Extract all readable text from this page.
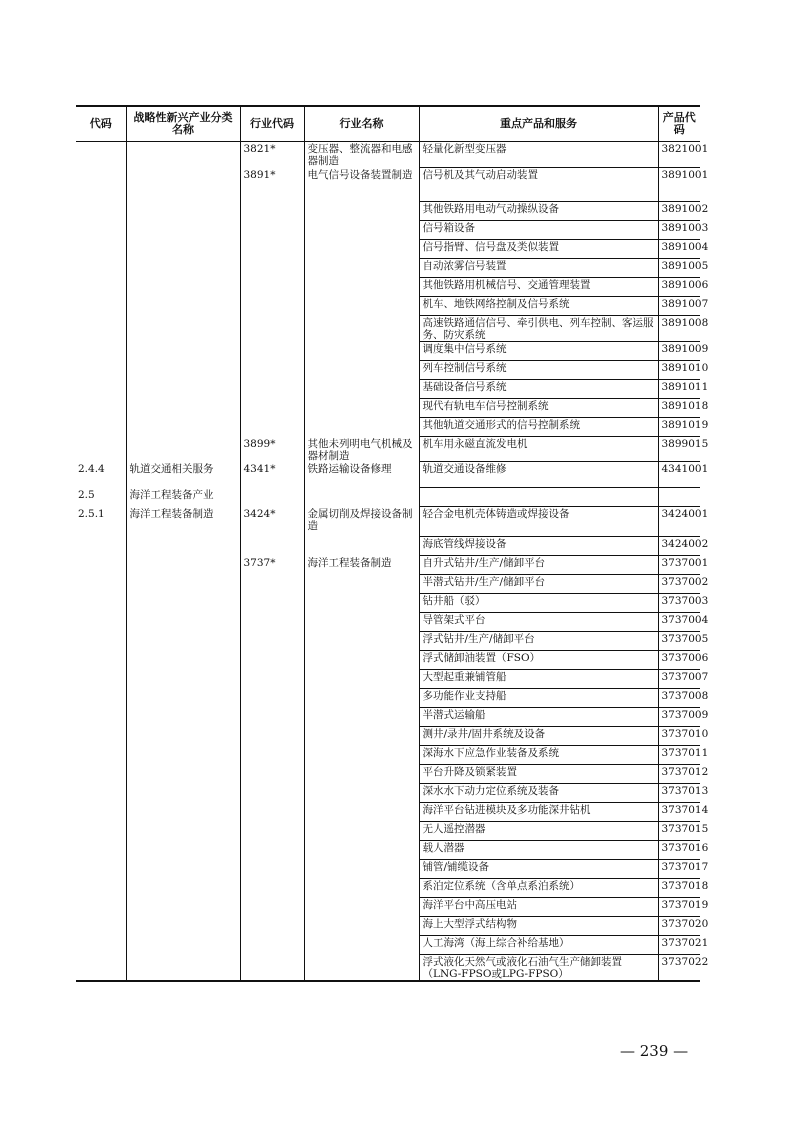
代码	战略性新兴产业分类名称	行业代码	行业名称	重点产品和服务	产品代码
		3821*	变压器、整流器和电感器制造	轻量化新型变压器	3821001
		3891*	电气信号设备装置制造	信号机及其气动启动装置	3891001
				其他铁路用电动气动操纵设备	3891002
				信号箱设备	3891003
				信号指臂、信号盘及类似装置	3891004
				自动浓雾信号装置	3891005
				其他铁路用机械信号、交通管理装置	3891006
				机车、地铁网络控制及信号系统	3891007
				高速铁路通信信号、牵引供电、列车控制、客运服务、防灾系统	3891008
				调度集中信号系统	3891009
				列车控制信号系统	3891010
				基础设备信号系统	3891011
				现代有轨电车信号控制系统	3891018
				其他轨道交通形式的信号控制系统	3891019
		3899*	其他未列明电气机械及器材制造	机车用永磁直流发电机	3899015
2.4.4	轨道交通相关服务	4341*	铁路运输设备修理	轨道交通设备维修	4341001
2.5	海洋工程装备产业				
2.5.1	海洋工程装备制造	3424*	金属切削及焊接设备制造	轻合金电机壳体铸造或焊接设备	3424001
				海底管线焊接设备	3424002
		3737*	海洋工程装备制造	自升式钻井/生产/储卸平台	3737001
				半潜式钻井/生产/储卸平台	3737002
				钻井船（驳）	3737003
				导管架式平台	3737004
				浮式钻井/生产/储卸平台	3737005
				浮式储卸油装置（FSO）	3737006
				大型起重兼铺管船	3737007
				多功能作业支持船	3737008
				半潜式运输船	3737009
				测井/录井/固井系统及设备	3737010
				深海水下应急作业装备及系统	3737011
				平台升降及锁紧装置	3737012
				深水水下动力定位系统及装备	3737013
				海洋平台钻进模块及多功能深井钻机	3737014
				无人遥控潜器	3737015
				载人潜器	3737016
				铺管/铺缆设备	3737017
				系泊定位系统（含单点系泊系统）	3737018
				海洋平台中高压电站	3737019
				海上大型浮式结构物	3737020
				人工海湾（海上综合补给基地）	3737021
				浮式液化天然气或液化石油气生产储卸装置（LNG-FPSO或LPG-FPSO）	3737022
— 239 —
